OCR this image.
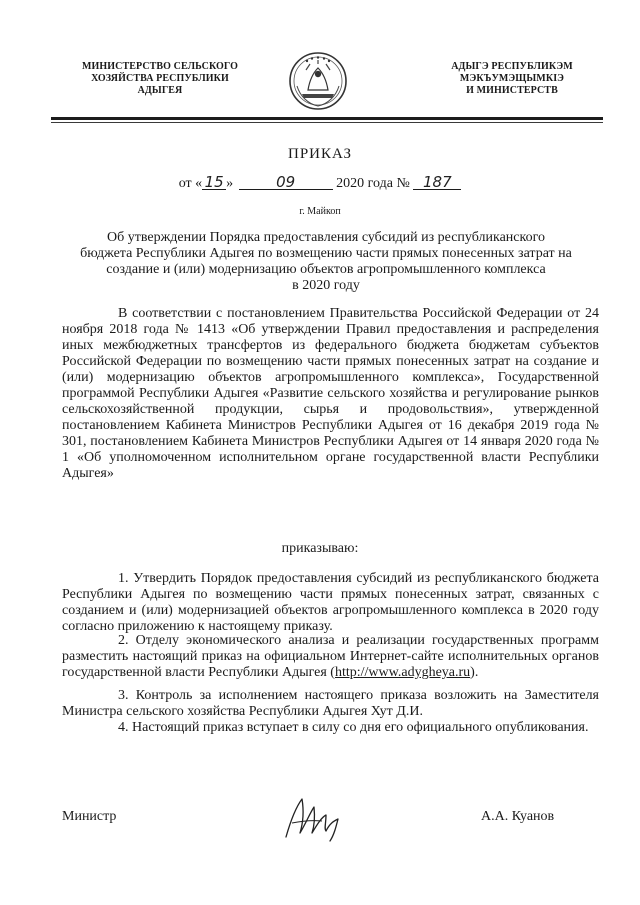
МИНИСТЕРСТВО СЕЛЬСКОГО
ХОЗЯЙСТВА РЕСПУБЛИКИ
АДЫГЕЯ
АДЫГЭ РЕСПУБЛИКЭМ
МЭКЪУМЭЩЫМКIЭ
И МИНИСТЕРСТВ
ПРИКАЗ
от « 15 »	09	2020 года № 187
г. Майкоп
Об утверждении Порядка предоставления субсидий из республиканского
бюджета Республики Адыгея по возмещению части прямых понесенных затрат на
создание и (или) модернизацию объектов агропромышленного комплекса
в 2020 году
В соответствии с постановлением Правительства Российской Федерации от 24 ноября 2018 года № 1413 «Об утверждении Правил предоставления и распределения иных межбюджетных трансфертов из федерального бюджета бюджетам субъектов Российской Федерации по возмещению части прямых понесенных затрат на создание и (или) модернизацию объектов агропромышленного комплекса», Государственной программой Республики Адыгея «Развитие сельского хозяйства и регулирование рынков сельскохозяйственной продукции, сырья и продовольствия», утвержденной постановлением Кабинета Министров Республики Адыгея от 16 декабря 2019 года № 301, постановлением Кабинета Министров Республики Адыгея от 14 января 2020 года № 1 «Об уполномоченном исполнительном органе государственной власти Республики Адыгея»
приказываю:
1. Утвердить Порядок предоставления субсидий из республиканского бюджета Республики Адыгея по возмещению части прямых понесенных затрат, связанных с созданием и (или) модернизацией объектов агропромышленного комплекса в 2020 году согласно приложению к настоящему приказу.
2. Отделу экономического анализа и реализации государственных программ разместить настоящий приказ на официальном Интернет-сайте исполнительных органов государственной власти Республики Адыгея (http://www.adygheya.ru).
3. Контроль за исполнением настоящего приказа возложить на Заместителя Министра сельского хозяйства Республики Адыгея Хут Д.И.
4. Настоящий приказ вступает в силу со дня его официального опубликования.
Министр	А.А. Куанов
